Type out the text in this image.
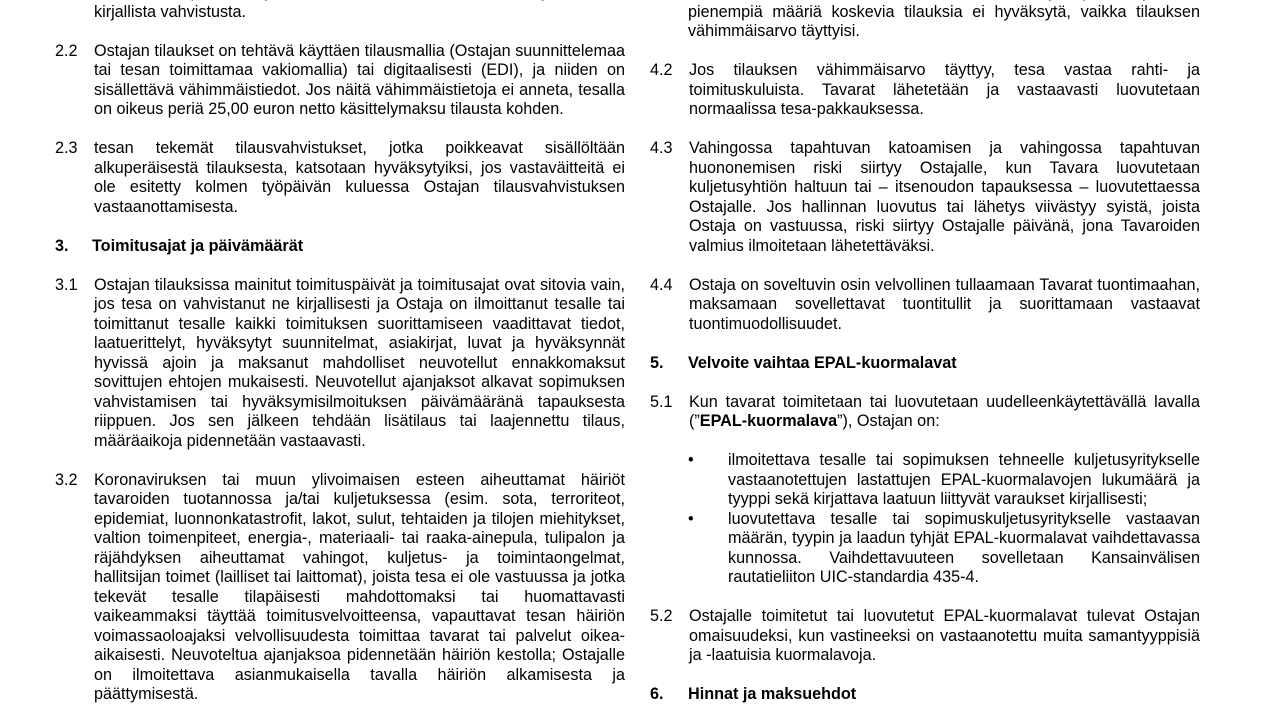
kirjallista vahvistusta.
2.2 Ostajan tilaukset on tehtävä käyttäen tilausmallia (Ostajan suunnittelemaa tai tesan toimittamaa vakiomallia) tai digitaalisesti (EDI), ja niiden on sisällettävä vähimmäistiedot. Jos näitä vähimmäistietoja ei anneta, tesalla on oikeus periä 25,00 euron netto käsittelymaksu tilausta kohden.
2.3 tesan tekemät tilausvahvistukset, jotka poikkeavat sisällöltään alkuperäisestä tilauksesta, katsotaan hyväksytyiksi, jos vastaväitteitä ei ole esitetty kolmen työpäivän kuluessa Ostajan tilausvahvistuksen vastaanottamisesta.
3. Toimitusajat ja päivämäärät
3.1 Ostajan tilauksissa mainitut toimituspäivät ja toimitusajat ovat sitovia vain, jos tesa on vahvistanut ne kirjallisesti ja Ostaja on ilmoittanut tesalle tai toimittanut tesalle kaikki toimituksen suorittamiseen vaadittavat tiedot, laatuerittelyt, hyväksytyt suunnitelmat, asiakirjat, luvat ja hyväksynnät hyvissä ajoin ja maksanut mahdolliset neuvotellut ennakkomaksut sovittujen ehtojen mukaisesti. Neuvotellut ajanjaksot alkavat sopimuksen vahvistamisen tai hyväksymisilmoituksen päivämääränä tapauksesta riippuen. Jos sen jälkeen tehdään lisätilaus tai laajennettu tilaus, määräaikoja pidennetään vastaavasti.
3.2 Koronaviruksen tai muun ylivoimaisen esteen aiheuttamat häiriöt tavaroiden tuotannossa ja/tai kuljetuksessa (esim. sota, terroriteot, epidemiat, luonnonkatastrofit, lakot, sulut, tehtaiden ja tilojen miehitykset, valtion toimenpiteet, energia-, materiaali- tai raaka-ainepula, tulipalon ja räjähdyksen aiheuttamat vahingot, kuljetus- ja toimintaongelmat, hallitsijan toimet (lailliset tai laittomat), joista tesa ei ole vastuussa ja jotka tekevät tesalle tilapäisesti mahdottomaksi tai huomattavasti vaikeammaksi täyttää toimitusvelvoitteensa, vapauttavat tesan häiriön voimassaoloajaksi velvollisuudesta toimittaa tavarat tai palvelut oikea-aikaisesti. Neuvoteltua ajanjaksoa pidennetään häiriön kestolla; Ostajalle on ilmoitettava asianmukaisella tavalla häiriön alkamisesta ja päättymisestä.
pienempiä määriä koskevia tilauksia ei hyväksytä, vaikka tilauksen vähimmäisarvo täyttyisi.
4.2 Jos tilauksen vähimmäisarvo täyttyy, tesa vastaa rahti- ja toimituskuluista. Tavarat lähetetään ja vastaavasti luovutetaan normaalissa tesa-pakkauksessa.
4.3 Vahingossa tapahtuvan katoamisen ja vahingossa tapahtuvan huononemisen riski siirtyy Ostajalle, kun Tavara luovutetaan kuljetusyhtiön haltuun tai – itsenoudon tapauksessa – luovutettaessa Ostajalle. Jos hallinnan luovutus tai lähetys viivästyy syistä, joista Ostaja on vastuussa, riski siirtyy Ostajalle päivänä, jona Tavaroiden valmius ilmoitetaan lähetettäväksi.
4.4 Ostaja on soveltuvin osin velvollinen tullaamaan Tavarat tuontimaahan, maksamaan sovellettavat tuontitullit ja suorittamaan vastaavat tuontimuodollisuudet.
5. Velvoite vaihtaa EPAL-kuormalavat
5.1 Kun tavarat toimitetaan tai luovutetaan uudelleenkäytettävällä lavalla (”EPAL-kuormalava”), Ostajan on:
• ilmoitettava tesalle tai sopimuksen tehneelle kuljetusyritykselle vastaanotettujen lastattujen EPAL-kuormalavojen lukumäärä ja tyyppi sekä kirjattava laatuun liittyvät varaukset kirjallisesti;
• luovutettava tesalle tai sopimuskuljetusyritykselle vastaavan määrän, tyypin ja laadun tyhjät EPAL-kuormalavat vaihdettavassa kunnossa. Vaihdettavuuteen sovelletaan Kansainvälisen rautatieliiton UIC-standardia 435-4.
5.2 Ostajalle toimitetut tai luovutetut EPAL-kuormalavat tulevat Ostajan omaisuudeksi, kun vastineeksi on vastaanotettu muita samantyyppisiä ja -laatuisia kuormalavoja.
6. Hinnat ja maksuehdot
